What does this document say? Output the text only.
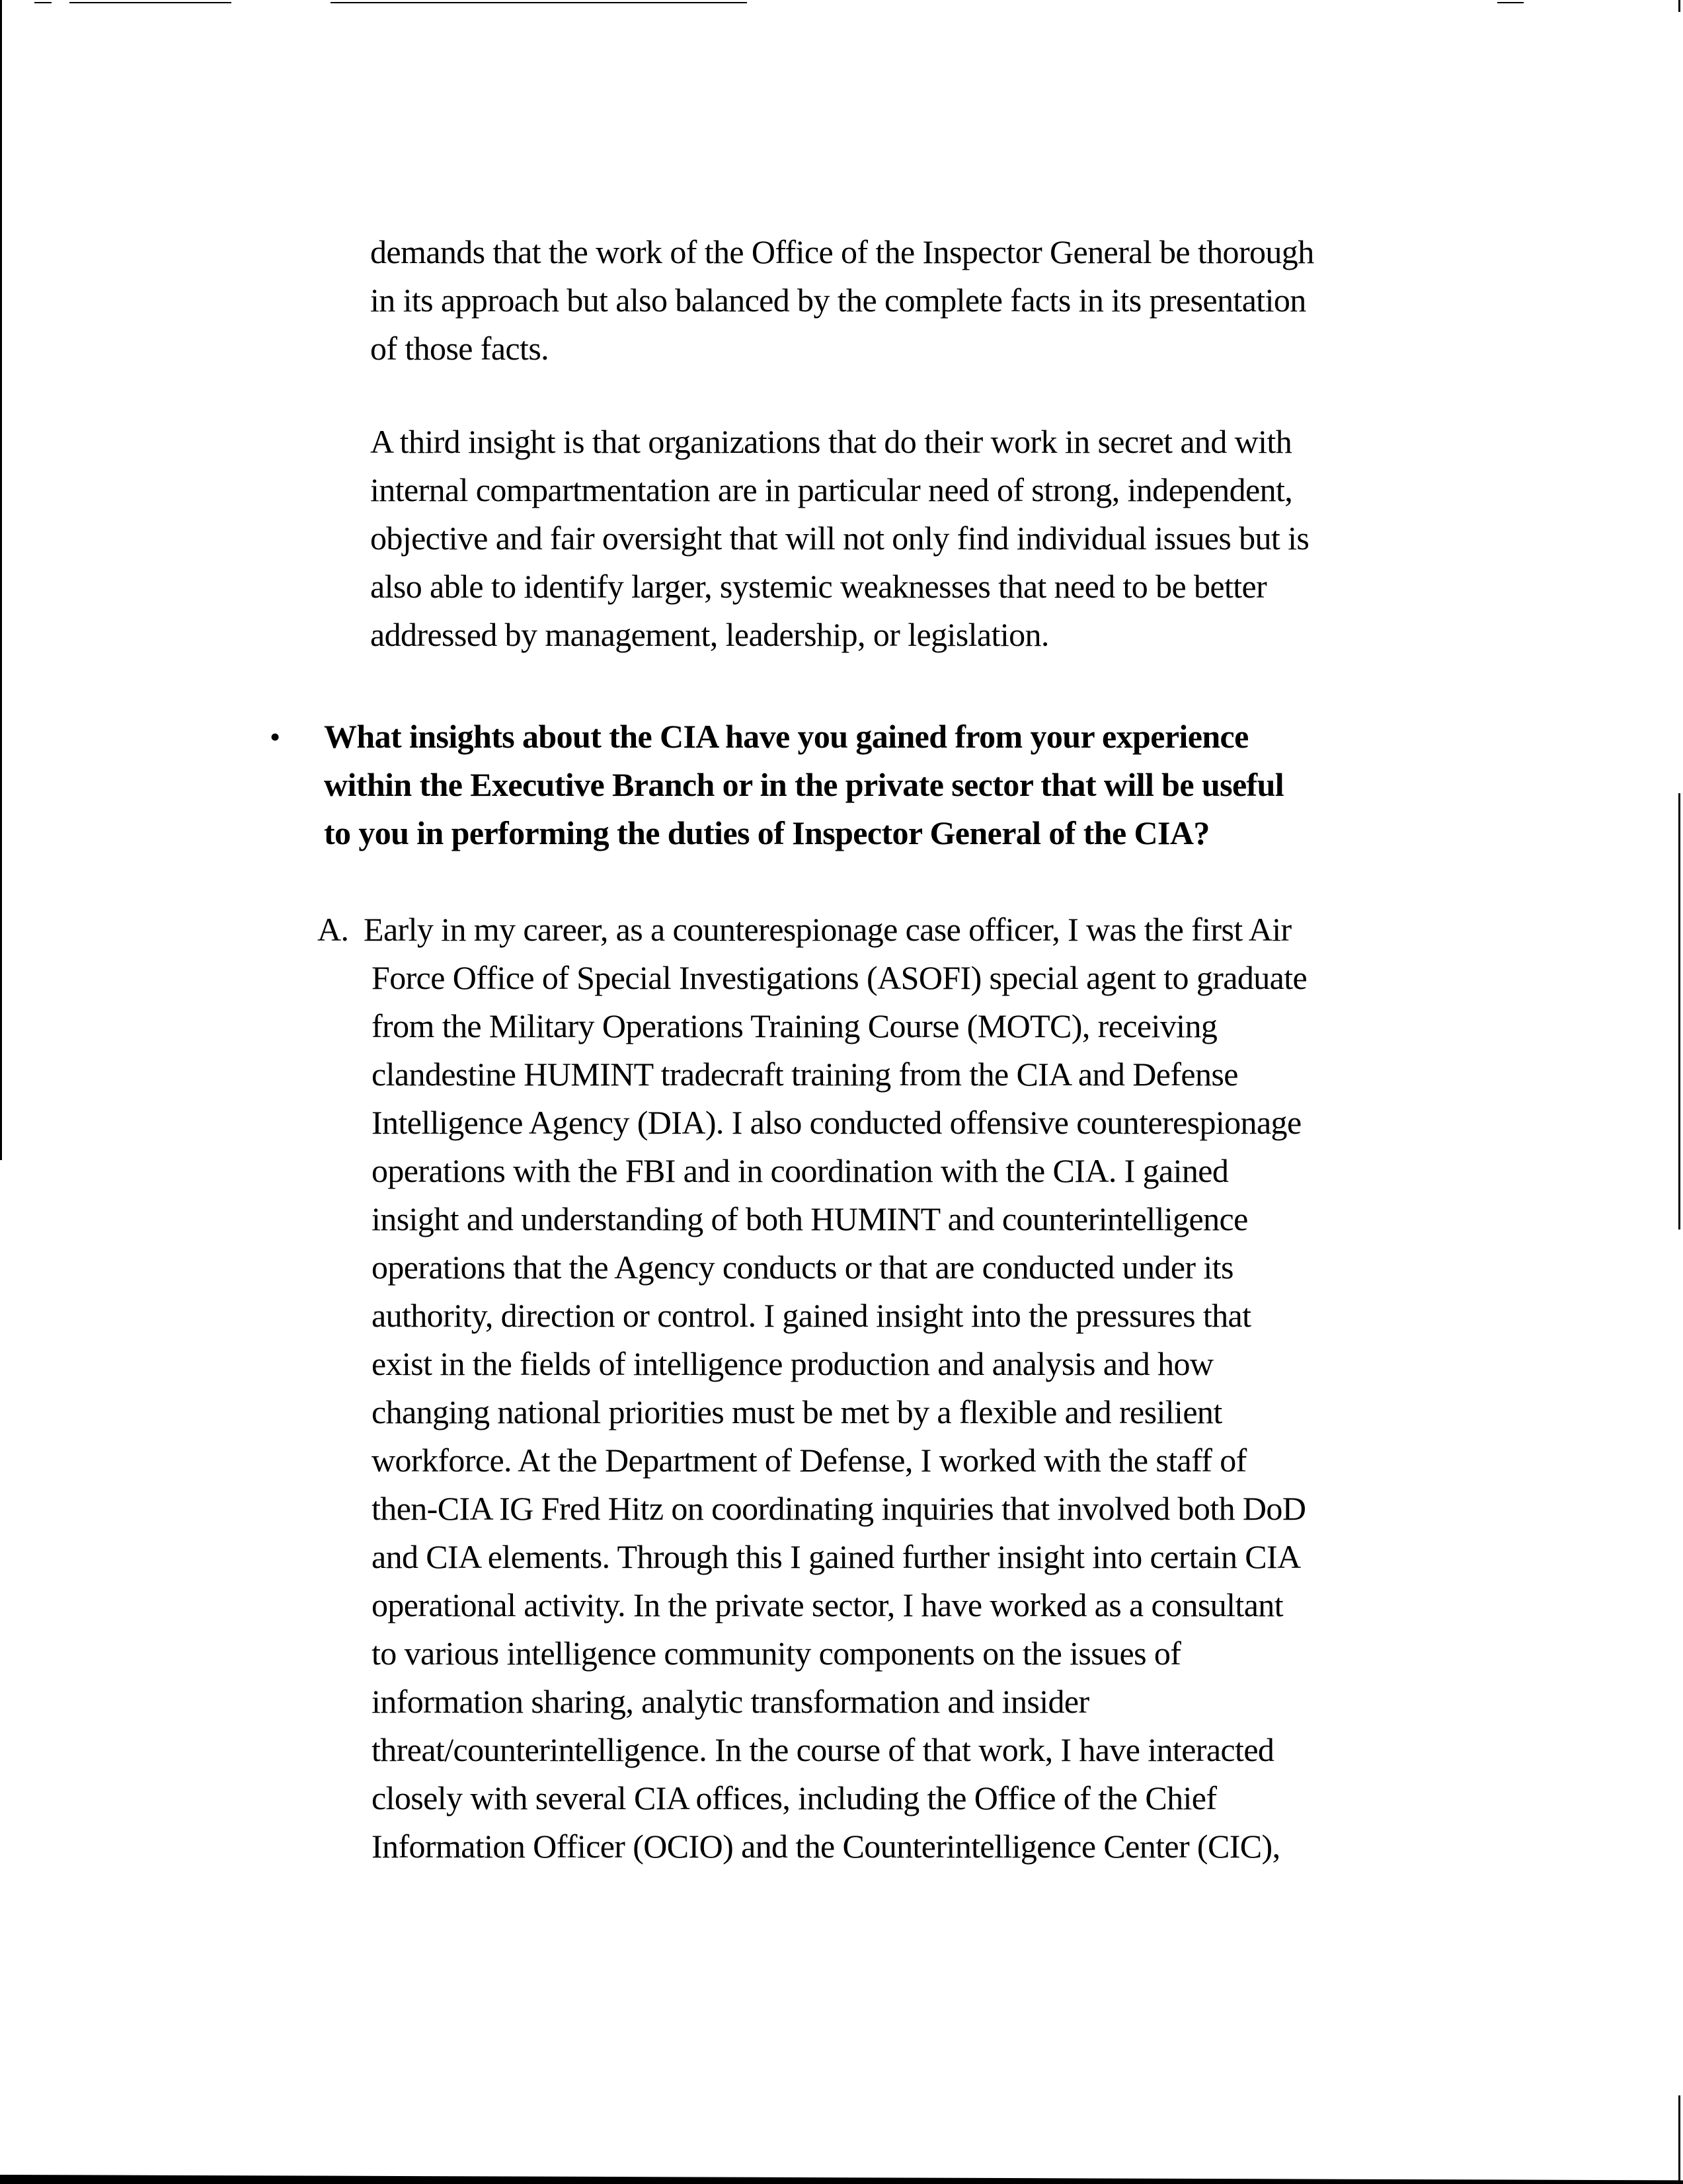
demands that the work of the Office of the Inspector General be thorough
in its approach but also balanced by the complete facts in its presentation
of those facts.
A third insight is that organizations that do their work in secret and with
internal compartmentation are in particular need of strong, independent,
objective and fair oversight that will not only find individual issues but is
also able to identify larger, systemic weaknesses that need to be better
addressed by management, leadership, or legislation.
•	What insights about the CIA have you gained from your experience
within the Executive Branch or in the private sector that will be useful
to you in performing the duties of Inspector General of the CIA?
A. Early in my career, as a counterespionage case officer, I was the first Air
Force Office of Special Investigations (ASOFI) special agent to graduate
from the Military Operations Training Course (MOTC), receiving
clandestine HUMINT tradecraft training from the CIA and Defense
Intelligence Agency (DIA). I also conducted offensive counterespionage
operations with the FBI and in coordination with the CIA. I gained
insight and understanding of both HUMINT and counterintelligence
operations that the Agency conducts or that are conducted under its
authority, direction or control. I gained insight into the pressures that
exist in the fields of intelligence production and analysis and how
changing national priorities must be met by a flexible and resilient
workforce. At the Department of Defense, I worked with the staff of
then-CIA IG Fred Hitz on coordinating inquiries that involved both DoD
and CIA elements. Through this I gained further insight into certain CIA
operational activity. In the private sector, I have worked as a consultant
to various intelligence community components on the issues of
information sharing, analytic transformation and insider
threat/counterintelligence. In the course of that work, I have interacted
closely with several CIA offices, including the Office of the Chief
Information Officer (OCIO) and the Counterintelligence Center (CIC),
